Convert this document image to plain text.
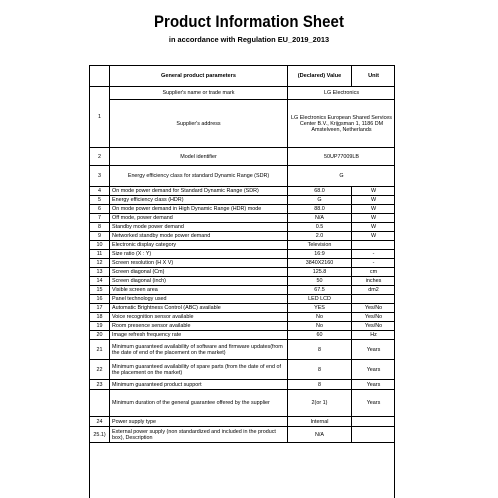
Product Information Sheet
in accordance with Regulation EU_2019_2013
	General product parameters	(Declared) Value	Unit
1	Supplier's name or trade mark	LG Electronics	
	Supplier's address	LG Electronics European Shared Services Center B.V., Krijgsman 1, 1186 DM Amstelveen, Netherlands	
2	Model identifier	50UP77009LB	
3	Energy efficiency class for standard Dynamic Range (SDR)	G	
4	On mode power demand for Standard Dynamic Range (SDR)	68.0	W
5	Energy efficiency class (HDR)	G	W
6	On mode power demand in High Dynamic Range (HDR) mode	88.0	W
7	Off mode, power demand	N/A	W
8	Standby mode power demand	0.5	W
9	Networked standby mode power demand	2.0	W
10	Electronic display category	Television	
11	Size ratio (X : Y)	16:9	-
12	Screen resolution (H X V)	3840X2160	-
13	Screen diagonal (Cm)	125.8	cm
14	Screen diagonal (inch)	50	inches
15	Visible screen area	67.5	dm2
16	Panel technology used	LED LCD	
17	Automatic Brightness Control (ABC) available	YES	Yes/No
18	Voice recognition sensor available	No	Yes/No
19	Room presence sensor available	No	Yes/No
20	Image refresh frequency rate	60	Hz
21	Minimum guaranteed availability of software and firmware updates(from the date of end of the placement on the market)	8	Years
22	Minimum guaranteed availability of spare parts (from the date of end of the placement on the market)	8	Years
23	Minimum guaranteed product support	8	Years
	Minimum duration of the general guarantee offered by the supplier	2(or 1)	Years
24	Power supply type	Internal	
25.1)	External power supply (non standardized and included in the product box), Description	N/A	
